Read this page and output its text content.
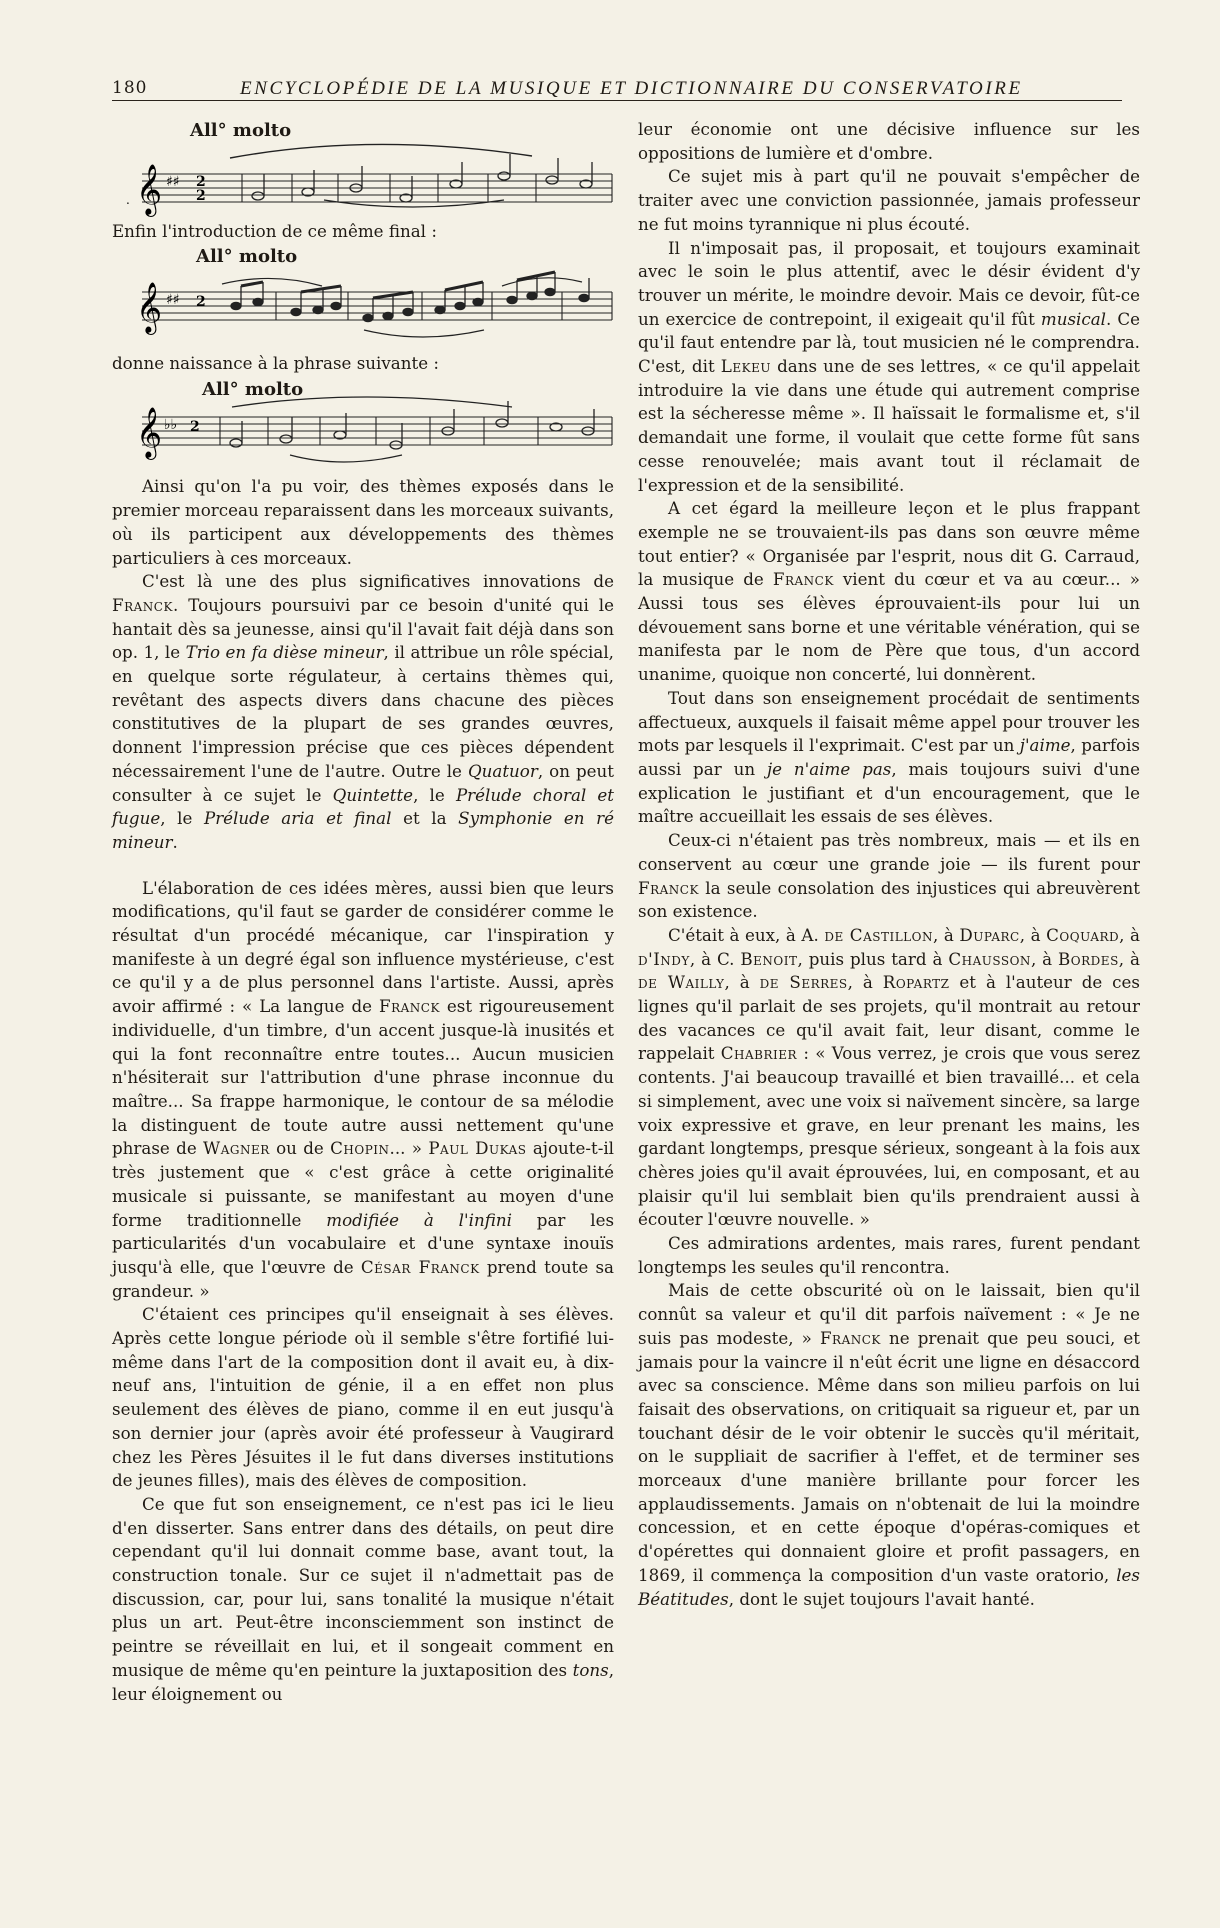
180	ENCYCLOPÉDIE DE LA MUSIQUE ET DICTIONNAIRE DU CONSERVATOIRE
All° molto
𝄞 ♯♯ 2
2
.

Enfin l'introduction de ce même final :

All° molto
𝄞 ♯♯ 2

donne naissance à la phrase suivante :

All° molto
𝄞 ♭♭ 2

Ainsi qu'on l'a pu voir, des thèmes exposés dans le premier morceau reparaissent dans les morceaux suivants, où ils participent aux développements des thèmes particuliers à ces morceaux.

C'est là une des plus significatives innovations de Franck. Toujours poursuivi par ce besoin d'unité qui le hantait dès sa jeunesse, ainsi qu'il l'avait fait déjà dans son op. 1, le Trio en fa dièse mineur, il attribue un rôle spécial, en quelque sorte régulateur, à certains thèmes qui, revêtant des aspects divers dans chacune des pièces constitutives de la plupart de ses grandes œuvres, donnent l'impression précise que ces pièces dépendent nécessairement l'une de l'autre. Outre le Quatuor, on peut consulter à ce sujet le Quintette, le Prélude choral et fugue, le Prélude aria et final et la Symphonie en ré mineur.

L'élaboration de ces idées mères, aussi bien que leurs modifications, qu'il faut se garder de considérer comme le résultat d'un procédé mécanique, car l'inspiration y manifeste à un degré égal son influence mystérieuse, c'est ce qu'il y a de plus personnel dans l'artiste. Aussi, après avoir affirmé : « La langue de Franck est rigoureusement individuelle, d'un timbre, d'un accent jusque-là inusités et qui la font reconnaître entre toutes... Aucun musicien n'hésiterait sur l'attribution d'une phrase inconnue du maître... Sa frappe harmonique, le contour de sa mélodie la distinguent de toute autre aussi nettement qu'une phrase de Wagner ou de Chopin... » Paul Dukas ajoute-t-il très justement que « c'est grâce à cette originalité musicale si puissante, se manifestant au moyen d'une forme traditionnelle modifiée à l'infini par les particularités d'un vocabulaire et d'une syntaxe inouïs jusqu'à elle, que l'œuvre de César Franck prend toute sa grandeur. »

C'étaient ces principes qu'il enseignait à ses élèves. Après cette longue période où il semble s'être fortifié lui-même dans l'art de la composition dont il avait eu, à dix-neuf ans, l'intuition de génie, il a en effet non plus seulement des élèves de piano, comme il en eut jusqu'à son dernier jour (après avoir été professeur à Vaugirard chez les Pères Jésuites il le fut dans diverses institutions de jeunes filles), mais des élèves de composition.

Ce que fut son enseignement, ce n'est pas ici le lieu d'en disserter. Sans entrer dans des détails, on peut dire cependant qu'il lui donnait comme base, avant tout, la construction tonale. Sur ce sujet il n'admettait pas de discussion, car, pour lui, sans tonalité la musique n'était plus un art. Peut-être inconsciemment son instinct de peintre se réveillait en lui, et il songeait comment en musique de même qu'en peinture la juxtaposition des tons, leur éloignement ou

leur économie ont une décisive influence sur les oppositions de lumière et d'ombre.

Ce sujet mis à part qu'il ne pouvait s'empêcher de traiter avec une conviction passionnée, jamais professeur ne fut moins tyrannique ni plus écouté.

Il n'imposait pas, il proposait, et toujours examinait avec le soin le plus attentif, avec le désir évident d'y trouver un mérite, le moindre devoir. Mais ce devoir, fût-ce un exercice de contrepoint, il exigeait qu'il fût musical. Ce qu'il faut entendre par là, tout musicien né le comprendra. C'est, dit Lekeu dans une de ses lettres, « ce qu'il appelait introduire la vie dans une étude qui autrement comprise est la sécheresse même ». Il haïssait le formalisme et, s'il demandait une forme, il voulait que cette forme fût sans cesse renouvelée; mais avant tout il réclamait de l'expression et de la sensibilité.

A cet égard la meilleure leçon et le plus frappant exemple ne se trouvaient-ils pas dans son œuvre même tout entier? « Organisée par l'esprit, nous dit G. Carraud, la musique de Franck vient du cœur et va au cœur... » Aussi tous ses élèves éprouvaient-ils pour lui un dévouement sans borne et une véritable vénération, qui se manifesta par le nom de Père que tous, d'un accord unanime, quoique non concerté, lui donnèrent.

Tout dans son enseignement procédait de sentiments affectueux, auxquels il faisait même appel pour trouver les mots par lesquels il l'exprimait. C'est par un j'aime, parfois aussi par un je n'aime pas, mais toujours suivi d'une explication le justifiant et d'un encouragement, que le maître accueillait les essais de ses élèves.

Ceux-ci n'étaient pas très nombreux, mais — et ils en conservent au cœur une grande joie — ils furent pour Franck la seule consolation des injustices qui abreuvèrent son existence.

C'était à eux, à A. de Castillon, à Duparc, à Coquard, à d'Indy, à C. Benoit, puis plus tard à Chausson, à Bordes, à de Wailly, à de Serres, à Ropartz et à l'auteur de ces lignes qu'il parlait de ses projets, qu'il montrait au retour des vacances ce qu'il avait fait, leur disant, comme le rappelait Chabrier : « Vous verrez, je crois que vous serez contents. J'ai beaucoup travaillé et bien travaillé... et cela si simplement, avec une voix si naïvement sincère, sa large voix expressive et grave, en leur prenant les mains, les gardant longtemps, presque sérieux, songeant à la fois aux chères joies qu'il avait éprouvées, lui, en composant, et au plaisir qu'il lui semblait bien qu'ils prendraient aussi à écouter l'œuvre nouvelle. »

Ces admirations ardentes, mais rares, furent pendant longtemps les seules qu'il rencontra.

Mais de cette obscurité où on le laissait, bien qu'il connût sa valeur et qu'il dit parfois naïvement : « Je ne suis pas modeste, » Franck ne prenait que peu souci, et jamais pour la vaincre il n'eût écrit une ligne en désaccord avec sa conscience. Même dans son milieu parfois on lui faisait des observations, on critiquait sa rigueur et, par un touchant désir de le voir obtenir le succès qu'il méritait, on le suppliait de sacrifier à l'effet, et de terminer ses morceaux d'une manière brillante pour forcer les applaudissements. Jamais on n'obtenait de lui la moindre concession, et en cette époque d'opéras-comiques et d'opérettes qui donnaient gloire et profit passagers, en 1869, il commença la composition d'un vaste oratorio, les Béatitudes, dont le sujet toujours l'avait hanté.
